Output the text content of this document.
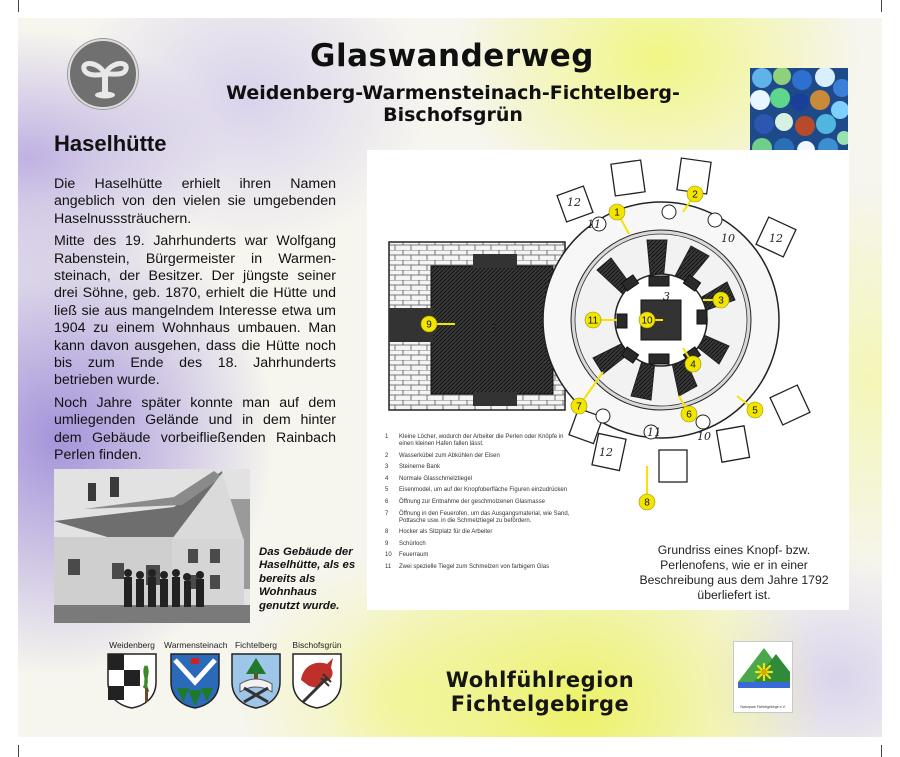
Glaswanderweg
Weidenberg-Warmensteinach-Fichtelberg-Bischofsgrün
Haselhütte

Die Haselhütte erhielt ihren Namen angeblich von den vielen sie umgebenden Haselnusssträuchern.

Mitte des 19. Jahrhunderts war Wolfgang Rabenstein, Bürgermeister in Warmen-steinach, der Besitzer. Der jüngste seiner drei Söhne, geb. 1870, erhielt die Hütte und ließ sie aus mangelndem Interesse etwa um 1904 zu einem Wohnhaus umbauen. Man kann davon ausgehen, dass die Hütte noch bis zum Ende des 18. Jahrhunderts betrieben wurde.

Noch Jahre später konnte man auf dem umliegenden Gelände und in dem hinter dem Gebäude vorbeifließenden Rainbach Perlen finden.

Das Gebäude der Haselhütte, als es bereits als Wohnhaus genutzt wurde.
12
11
10	12
11	10
12
3
2
1
1
2
3
4
5
6
7
8
9	10
11
1	Kleine Löcher, wodurch der Arbeiter die Perlen oder Knöpfe in einen kleinen Hafen fallen lässt.
2	Wasserkübel zum Abkühlen der Eisen
3	Steinerne Bank
4	Normale Glasschmelztiegel
5	Eisenmodel, um auf der Knopfoberfläche Figuren einzudrücken
6	Öffnung zur Entnahme der geschmolzenen Glasmasse
7	Öffnung in den Feuerofen, um das Ausgangsmaterial, wie Sand, Pottasche usw. in die Schmelztiegel zu befördern.
8	Hocker als Sitzplatz für die Arbeiter
9	Schürloch
10	Feuerraum
11	Zwei spezielle Tiegel zum Schmelzen von farbigem Glas
Grundriss eines Knopf- bzw. Perlenofens, wie er in einer Beschreibung aus dem Jahre 1792 überliefert ist.
Weidenberg	Warmensteinach Fichtelberg	Bischofsgrün
Wohlfühlregion Fichtelgebirge	Naturpark Fichtelgebirge e.V.
